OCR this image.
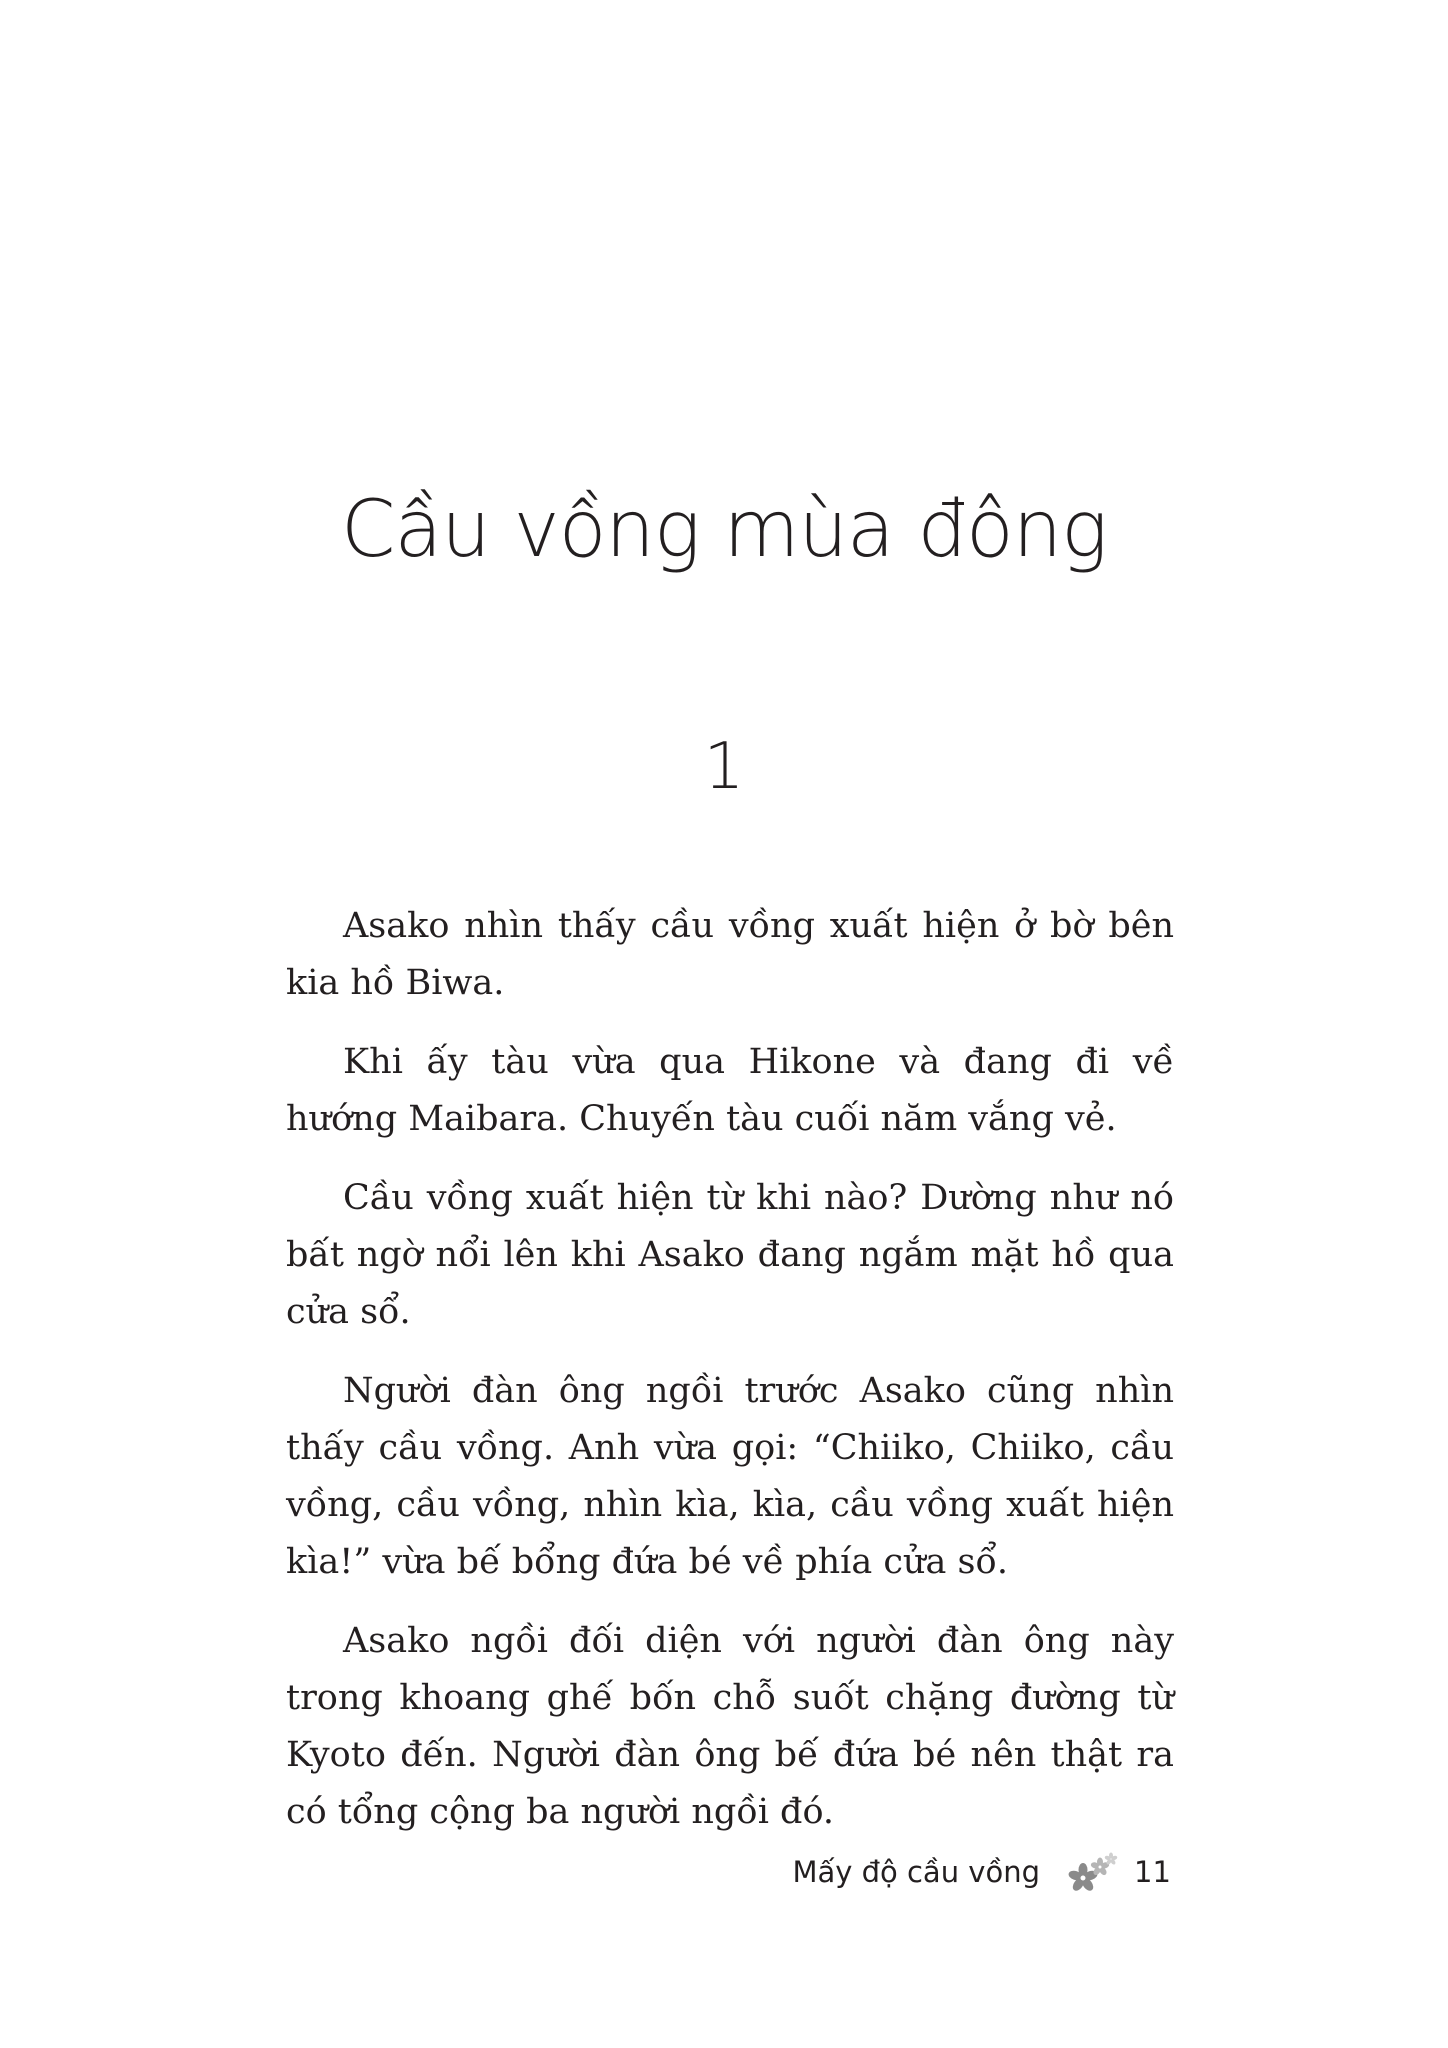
Cầu vồng mùa đông
1

Asako nhìn thấy cầu vồng xuất hiện ở bờ bên kia hồ Biwa.

Khi ấy tàu vừa qua Hikone và đang đi về hướng Maibara. Chuyến tàu cuối năm vắng vẻ.

Cầu vồng xuất hiện từ khi nào? Dường như nó bất ngờ nổi lên khi Asako đang ngắm mặt hồ qua cửa sổ.

Người đàn ông ngồi trước Asako cũng nhìn thấy cầu vồng. Anh vừa gọi: “Chiiko, Chiiko, cầu vồng, cầu vồng, nhìn kìa, kìa, cầu vồng xuất hiện kìa!” vừa bế bổng đứa bé về phía cửa sổ.

Asako ngồi đối diện với người đàn ông này trong khoang ghế bốn chỗ suốt chặng đường từ Kyoto đến. Người đàn ông bế đứa bé nên thật ra có tổng cộng ba người ngồi đó.

Mấy độ cầu vồng	11
